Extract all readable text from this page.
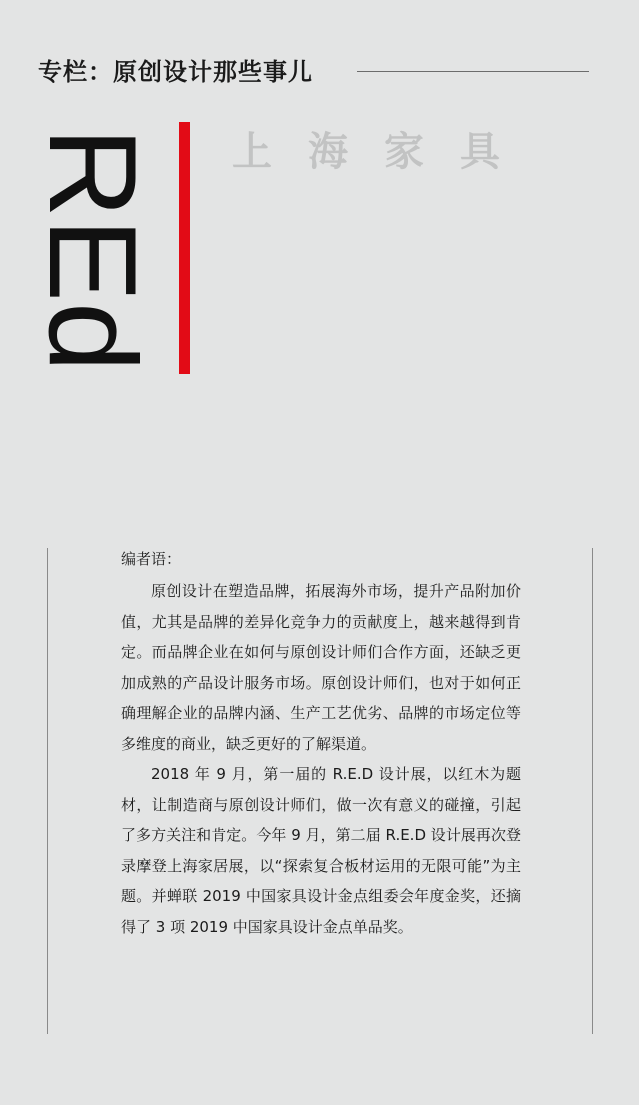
专栏：原创设计那些事儿
REd 上海家具
编者语：

原创设计在塑造品牌，拓展海外市场，提升产品附加价值，尤其是品牌的差异化竞争力的贡献度上，越来越得到肯定。而品牌企业在如何与原创设计师们合作方面，还缺乏更加成熟的产品设计服务市场。原创设计师们，也对于如何正确理解企业的品牌内涵、生产工艺优劣、品牌的市场定位等多维度的商业，缺乏更好的了解渠道。

2018 年 9 月，第一届的 R.E.D 设计展，以红木为题材，让制造商与原创设计师们，做一次有意义的碰撞，引起了多方关注和肯定。今年 9 月，第二届 R.E.D 设计展再次登录摩登上海家居展，以“探索复合板材运用的无限可能”为主题。并蝉联 2019 中国家具设计金点组委会年度金奖，还摘得了 3 项 2019 中国家具设计金点单品奖。
